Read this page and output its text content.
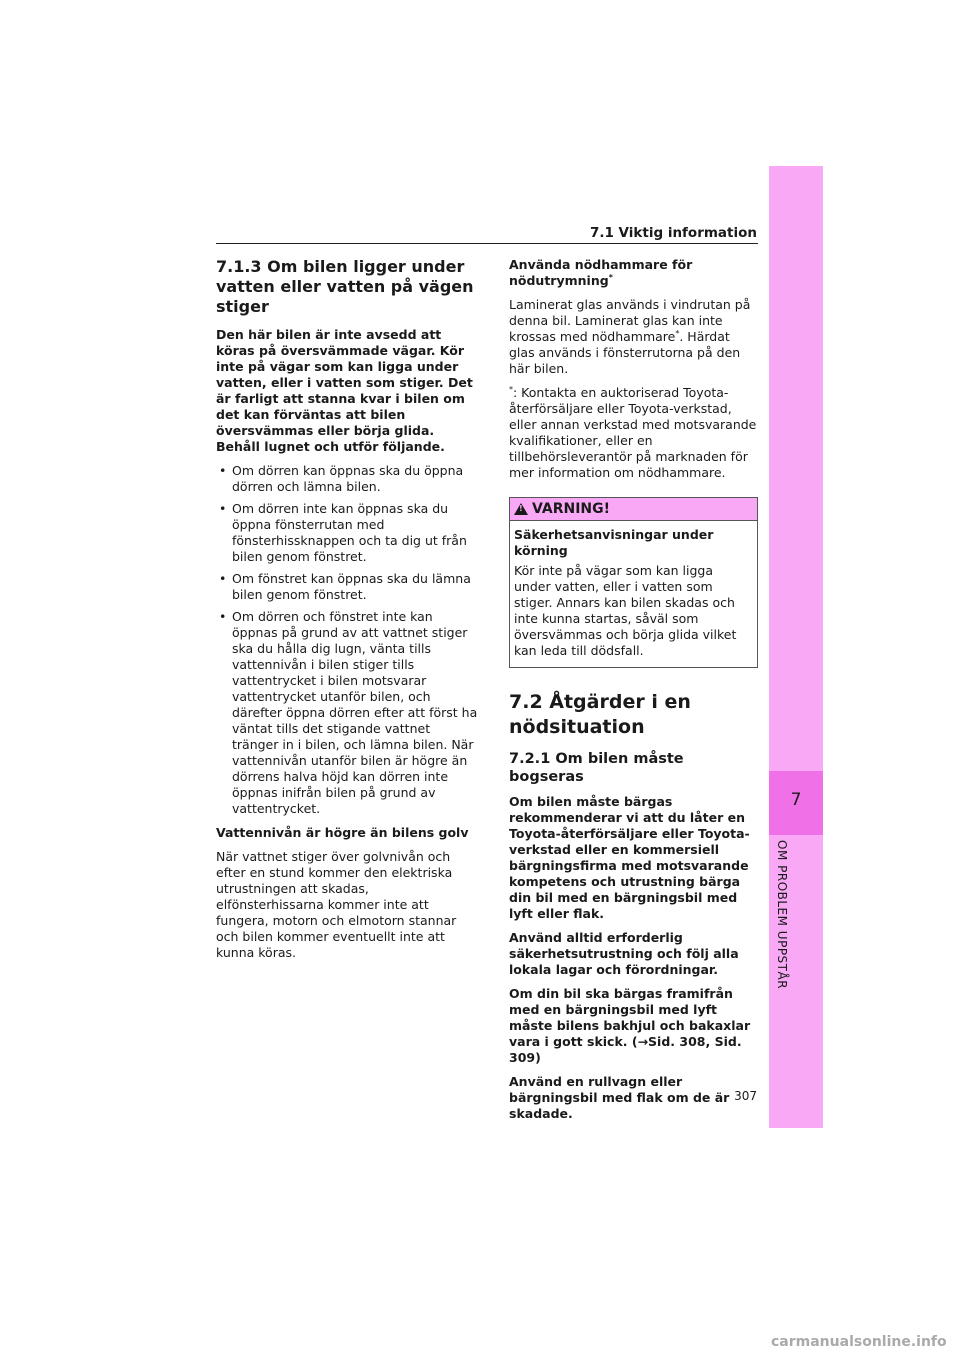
7
OM PROBLEM UPPSTÅR
7.1 Viktig information
7.1.3 Om bilen ligger under vatten eller vatten på vägen stiger

Den här bilen är inte avsedd att köras på översvämmade vägar. Kör inte på vägar som kan ligga under vatten, eller i vatten som stiger. Det är farligt att stanna kvar i bilen om det kan förväntas att bilen översvämmas eller börja glida. Behåll lugnet och utför följande.

• Om dörren kan öppnas ska du öppna dörren och lämna bilen.
• Om dörren inte kan öppnas ska du öppna fönsterrutan med fönsterhissknappen och ta dig ut från bilen genom fönstret.
• Om fönstret kan öppnas ska du lämna bilen genom fönstret.
• Om dörren och fönstret inte kan öppnas på grund av att vattnet stiger ska du hålla dig lugn, vänta tills vattennivån i bilen stiger tills vattentrycket i bilen motsvarar vattentrycket utanför bilen, och därefter öppna dörren efter att först ha väntat tills det stigande vattnet tränger in i bilen, och lämna bilen. När vattennivån utanför bilen är högre än dörrens halva höjd kan dörren inte öppnas inifrån bilen på grund av vattentrycket.

Vattennivån är högre än bilens golv

När vattnet stiger över golvnivån och efter en stund kommer den elektriska utrustningen att skadas, elfönsterhissarna kommer inte att fungera, motorn och elmotorn stannar och bilen kommer eventuellt inte att kunna köras.

Använda nödhammare för nödutrymning*

Laminerat glas används i vindrutan på denna bil. Laminerat glas kan inte krossas med nödhammare*. Härdat glas används i fönsterrutorna på den här bilen.

*: Kontakta en auktoriserad Toyota-återförsäljare eller Toyota-verkstad, eller annan verkstad med motsvarande kvalifikationer, eller en tillbehörsleverantör på marknaden för mer information om nödhammare.

!
VARNING!

Säkerhetsanvisningar under körning

Kör inte på vägar som kan ligga under vatten, eller i vatten som stiger. Annars kan bilen skadas och inte kunna startas, såväl som översvämmas och börja glida vilket kan leda till dödsfall.

7.2 Åtgärder i en nödsituation
7.2.1 Om bilen måste bogseras

Om bilen måste bärgas rekommenderar vi att du låter en Toyota-återförsäljare eller Toyota-verkstad eller en kommersiell bärgningsfirma med motsvarande kompetens och utrustning bärga din bil med en bärgningsbil med lyft eller flak.

Använd alltid erforderlig säkerhetsutrustning och följ alla lokala lagar och förordningar.

Om din bil ska bärgas framifrån med en bärgningsbil med lyft måste bilens bakhjul och bakaxlar vara i gott skick. (→Sid. 308, Sid. 309)

Använd en rullvagn eller bärgningsbil med flak om de är skadade.

307
carmanualsonline.info
